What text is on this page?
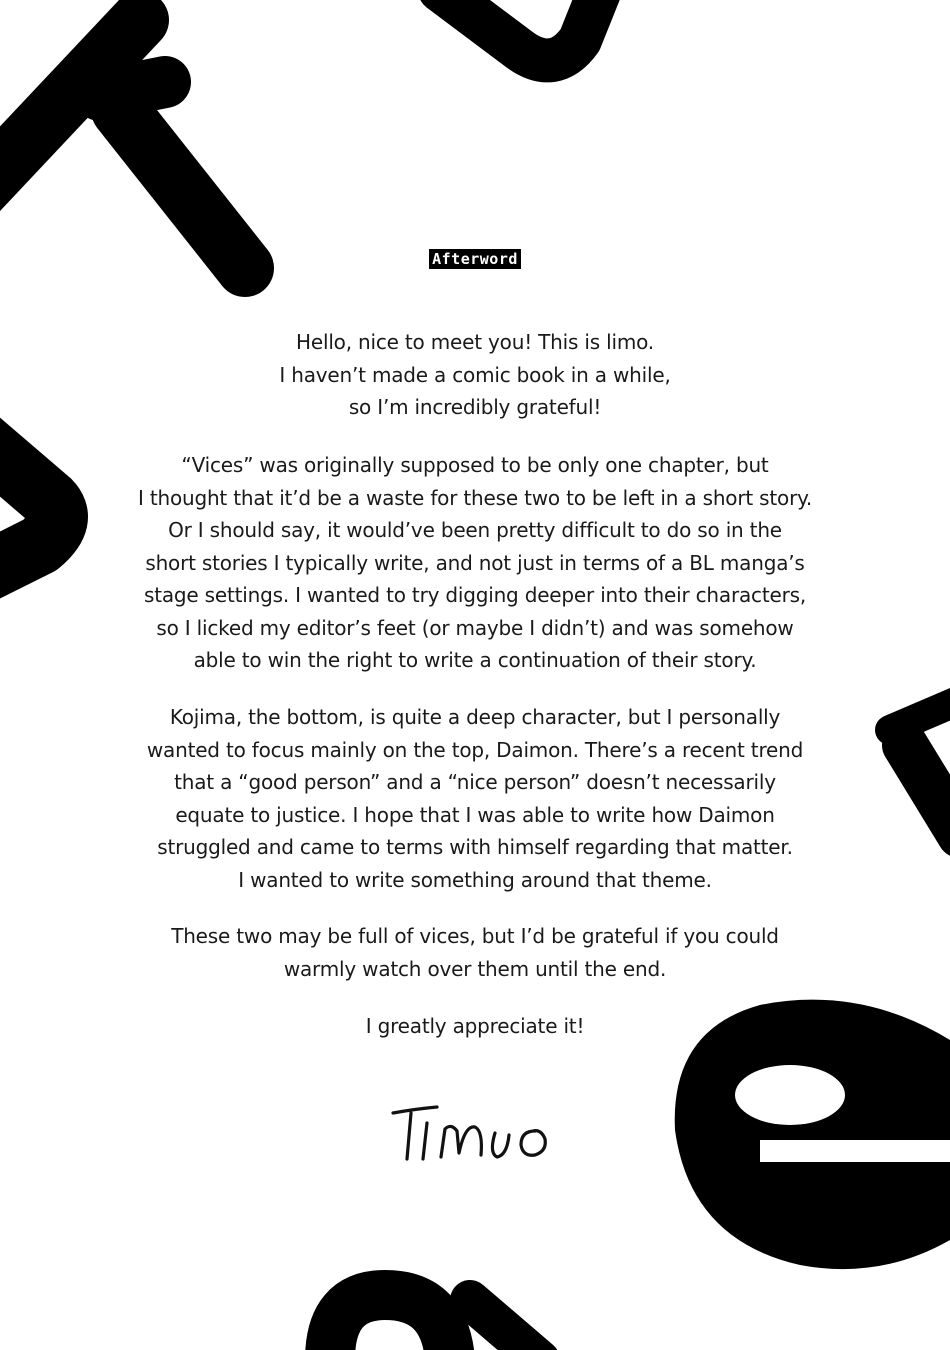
Afterword

Hello, nice to meet you! This is limo.
I haven’t made a comic book in a while,
so I’m incredibly grateful!

“Vices” was originally supposed to be only one chapter, but
I thought that it’d be a waste for these two to be left in a short story.
Or I should say, it would’ve been pretty difficult to do so in the
short stories I typically write, and not just in terms of a BL manga’s
stage settings. I wanted to try digging deeper into their characters,
so I licked my editor’s feet (or maybe I didn’t) and was somehow
able to win the right to write a continuation of their story.

Kojima, the bottom, is quite a deep character, but I personally
wanted to focus mainly on the top, Daimon. There’s a recent trend
that a “good person” and a “nice person” doesn’t necessarily
equate to justice. I hope that I was able to write how Daimon
struggled and came to terms with himself regarding that matter.
I wanted to write something around that theme.

These two may be full of vices, but I’d be grateful if you could
warmly watch over them until the end.

I greatly appreciate it!
